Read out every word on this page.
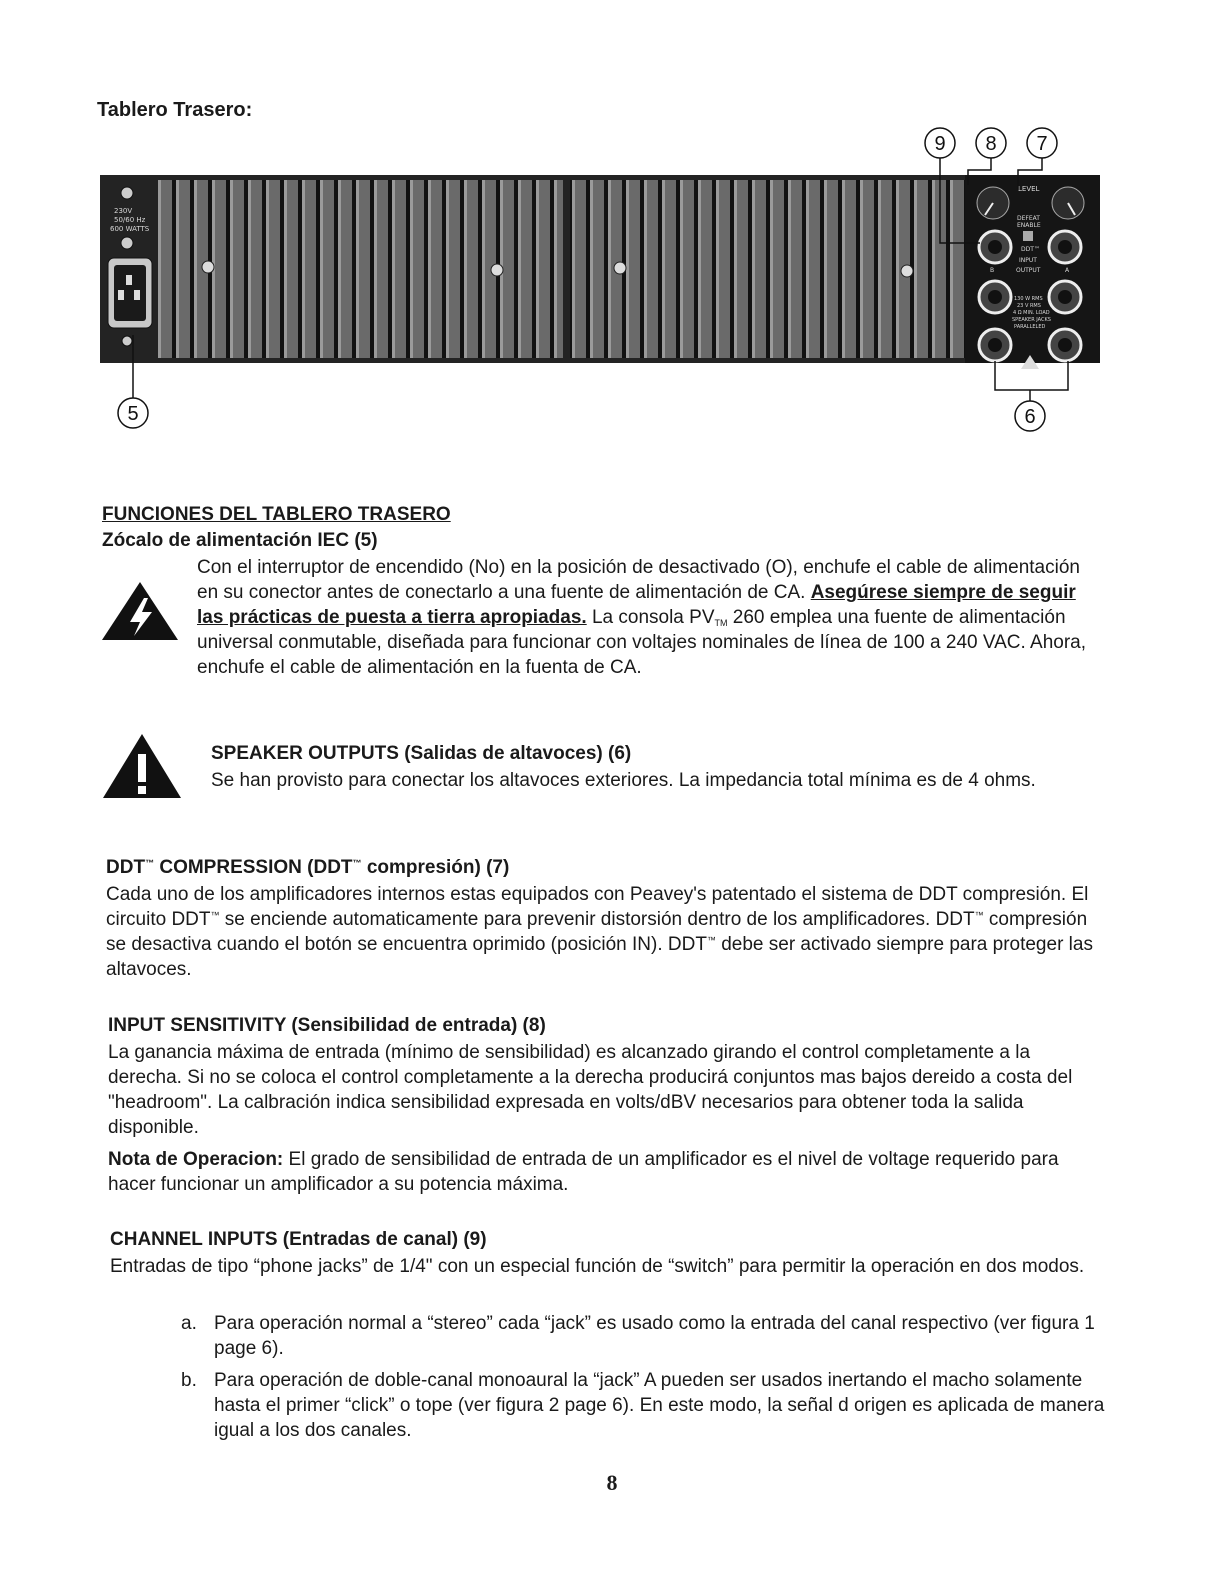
Tablero Trasero:
230V
50/60 Hz
600 WATTS
LEVEL
DEFEAT
ENABLE
DDT™
INPUT
B	OUTPUT	A
130 W RMS
23 V RMS
4 Ω MIN. LOAD
SPEAKER JACKS
PARALLELED
9 8 7
5	6
FUNCIONES DEL TABLERO TRASERO
Zócalo de alimentación IEC (5)
Con el interruptor de encendido (No) en la posición de desactivado (O), enchufe el cable de alimentación en su conector antes de conectarlo a una fuente de alimentación de CA. Asegúrese siempre de seguir las prácticas de puesta a tierra apropiadas. La consola $PV_{TM}$ 260 emplea una fuente de alimentación universal conmutable, diseñada para funcionar con voltajes nominales de línea de 100 a 240 VAC. Ahora, enchufe el cable de alimentación en la fuenta de CA.
SPEAKER OUTPUTS (Salidas de altavoces) (6)
Se han provisto para conectar los altavoces exteriores. La impedancia total mínima es de 4 ohms.
DDT™ COMPRESSION (DDT™ compresión) (7)
Cada uno de los amplificadores internos estas equipados con Peavey's patentado el sistema de DDT compresión. El circuito DDT™ se enciende automaticamente para prevenir distorsión dentro de los amplificadores. DDT™ compresión se desactiva cuando el botón se encuentra oprimido (posición IN). DDT™ debe ser activado siempre para proteger las altavoces.
INPUT SENSITIVITY (Sensibilidad de entrada) (8)
La ganancia máxima de entrada (mínimo de sensibilidad) es alcanzado girando el control completamente a la derecha. Si no se coloca el control completamente a la derecha producirá conjuntos mas bajos dereido a costa del "headroom". La calbración indica sensibilidad expresada en volts/dBV necesarios para obtener toda la salida disponible.
Nota de Operacion: El grado de sensibilidad de entrada de un amplificador es el nivel de voltage requerido para hacer funcionar un amplificador a su potencia máxima.
CHANNEL INPUTS (Entradas de canal) (9)
Entradas de tipo “phone jacks” de 1/4" con un especial función de “switch” para permitir la operación en dos modos.
a. Para operación normal a “stereo” cada “jack” es usado como la entrada del canal respectivo (ver figura 1 page 6).
b. Para operación de doble-canal monoaural la “jack” A pueden ser usados inertando el macho solamente hasta el primer “click” o tope (ver figura 2 page 6). En este modo, la señal d origen es aplicada de manera igual a los dos canales.
8
